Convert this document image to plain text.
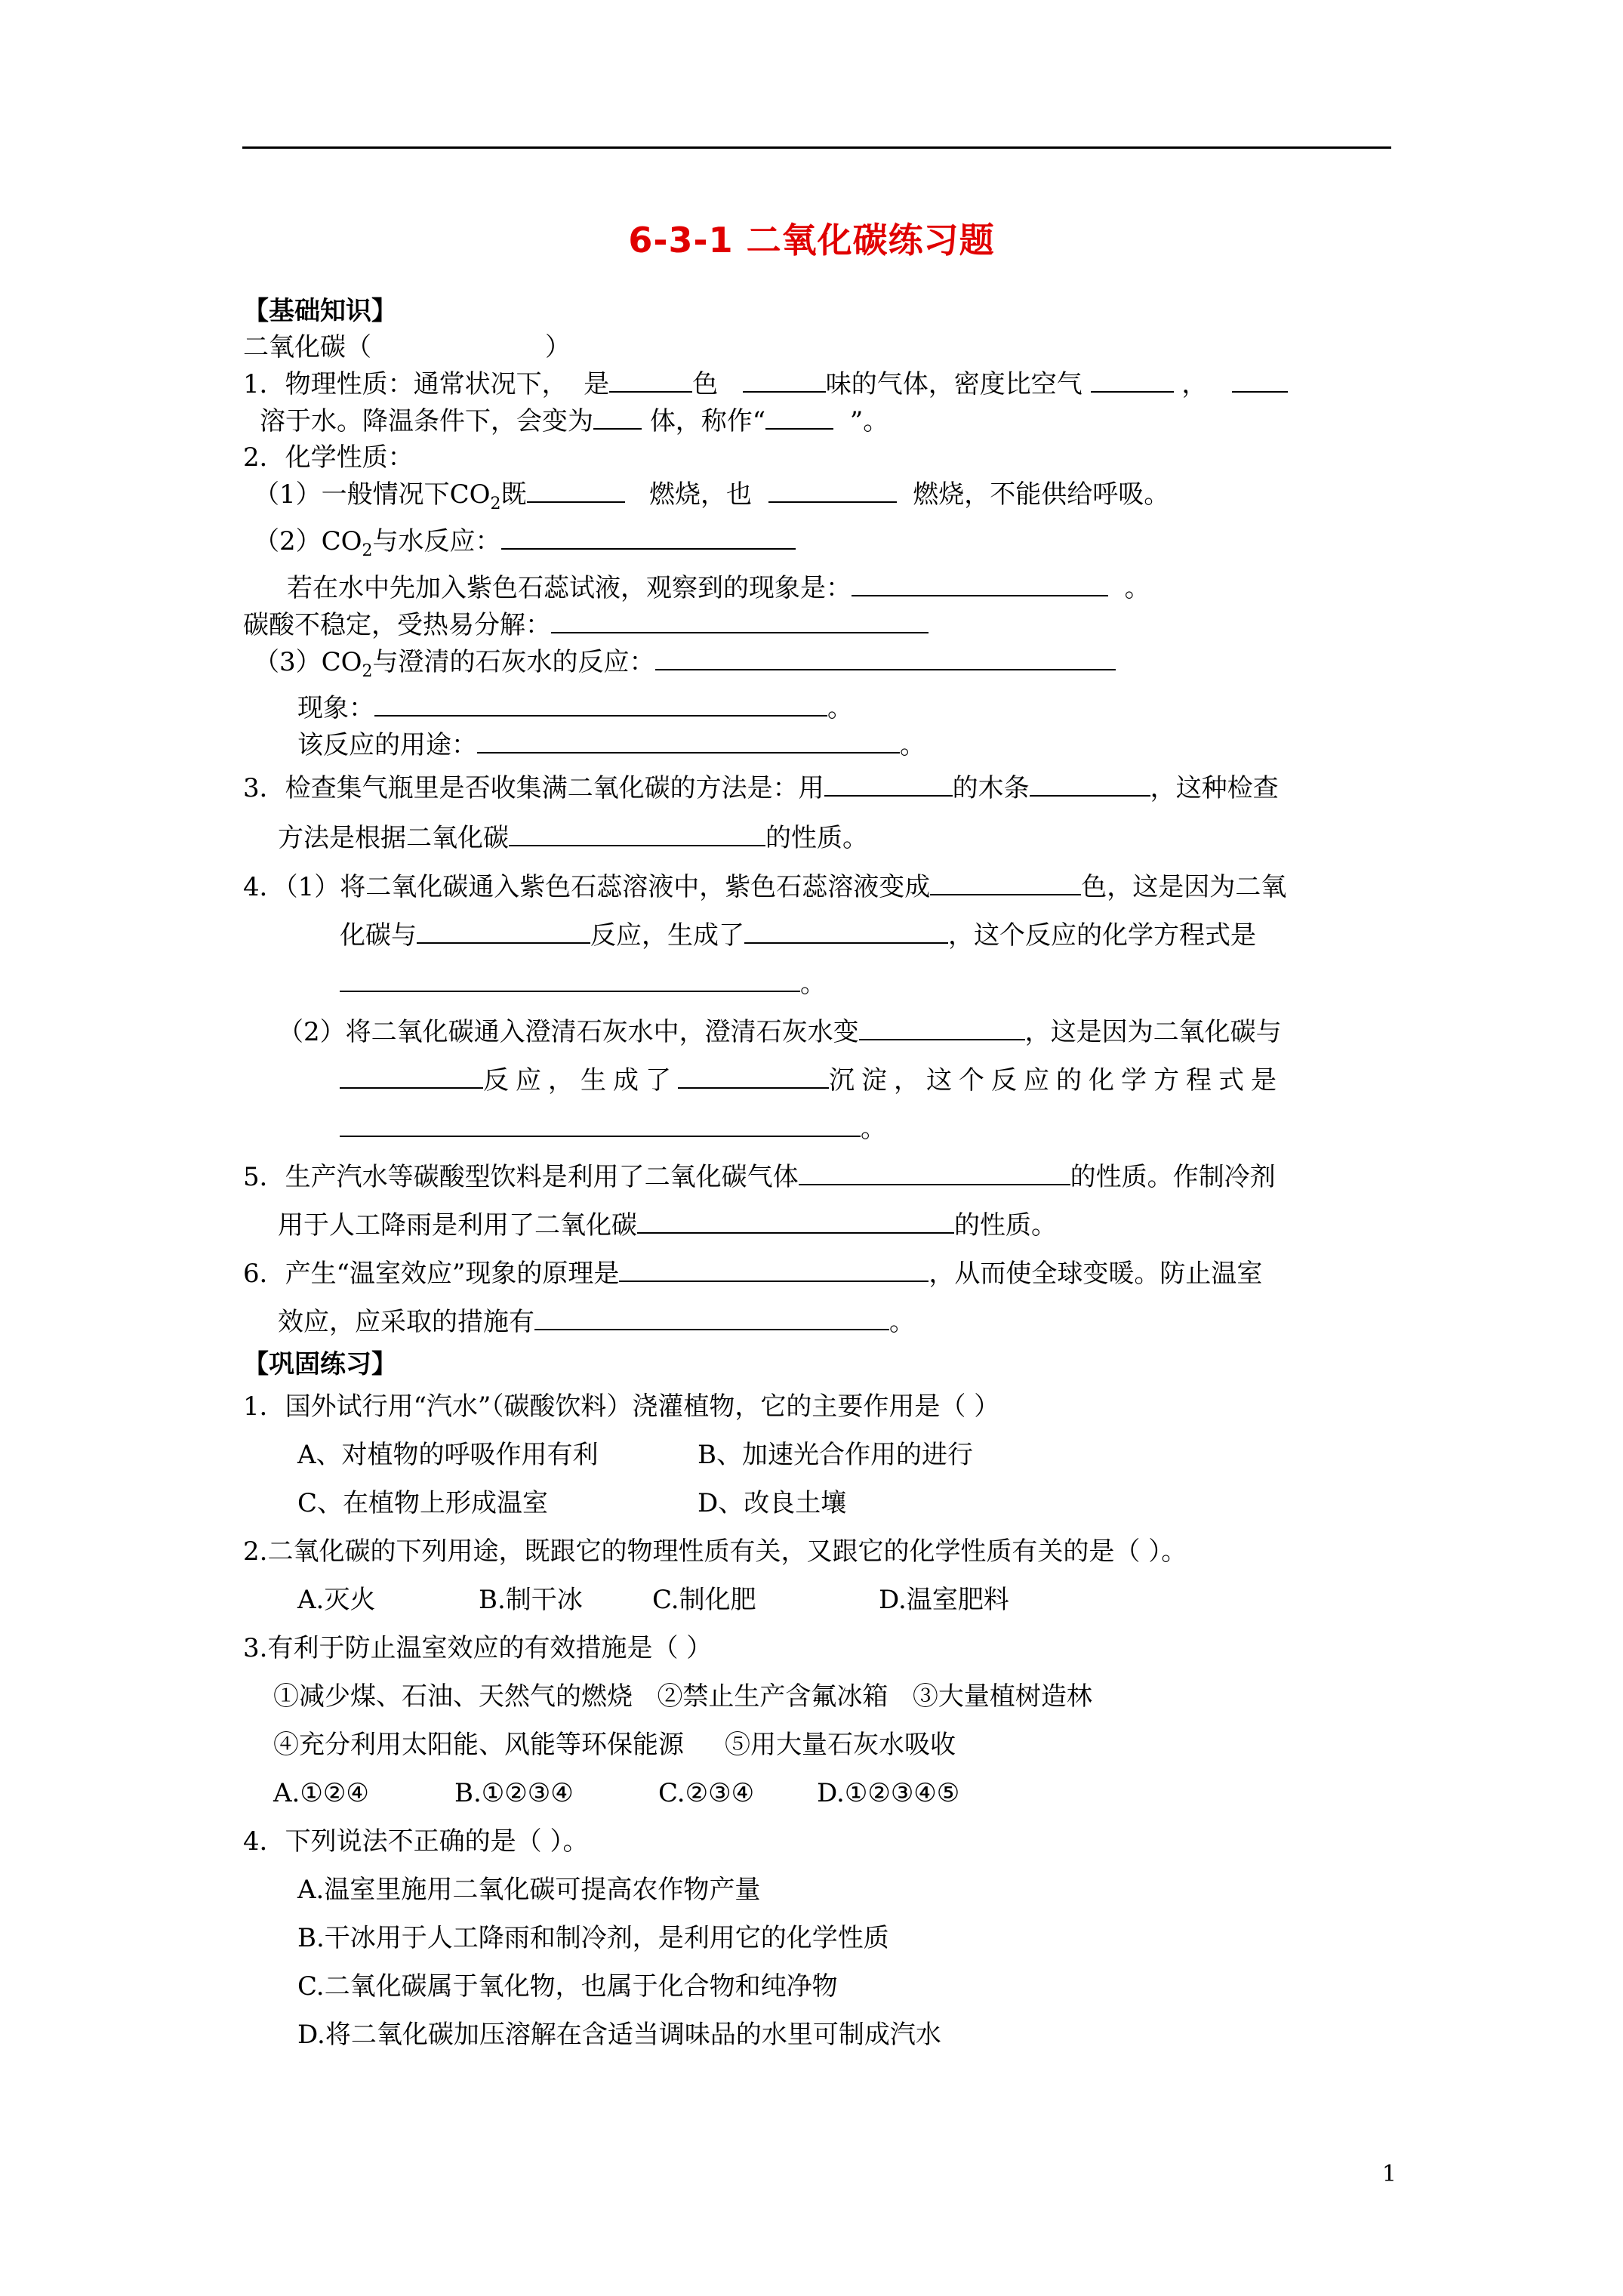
6-3-1 二氧化碳练习题
【基础知识】
二氧化碳（	）
1．物理性质：通常状况下， 是	色	味的气体，密度比空气	，
溶于水。降温条件下，会变为 体，称作“	”。
2．化学性质：
（1）一般情况下$CO_2$既	燃烧，也	燃烧，不能供给呼吸。
$(2)CO_2$与水反应：
若在水中先加入紫色石蕊试液，观察到的现象是：	。
碳酸不稳定，受热易分解：
$(3)CO_2$与澄清的石灰水的反应：
现象：	。
该反应的用途：	。
3．检查集气瓶里是否收集满二氧化碳的方法是：用	的木条	，这种检查
方法是根据二氧化碳	的性质。
4．（1）将二氧化碳通入紫色石蕊溶液中，紫色石蕊溶液变成	色，这是因为二氧
化碳与	反应，生成了	，这个反应的化学方程式是
。
（2）将二氧化碳通入澄清石灰水中，澄清石灰水变	，这是因为二氧化碳与
反应，生成了	沉淀，这个反应的化学方程式是
。
5．生产汽水等碳酸型饮料是利用了二氧化碳气体	的性质。作制冷剂
用于人工降雨是利用了二氧化碳	的性质。
6．产生“温室效应”现象的原理是	，从而使全球变暖。防止温室
效应，应采取的措施有	。
【巩固练习】
1．国外试行用“汽水”（碳酸饮料）浇灌植物，它的主要作用是（ ）
A、对植物的呼吸作用有利	B、加速光合作用的进行
C、在植物上形成温室	D、改良土壤
2.二氧化碳的下列用途，既跟它的物理性质有关，又跟它的化学性质有关的是（ ）。
A.灭火	B.制干冰	C.制化肥	D.温室肥料
3.有利于防止温室效应的有效措施是（ ）
①减少煤、石油、天然气的燃烧 ②禁止生产含氟冰箱 ③大量植树造林
④充分利用太阳能、风能等环保能源 ⑤用大量石灰水吸收
A.①②④	B.①②③④	C.②③④ D.①②③④⑤
4．下列说法不正确的是（ ）。
A.温室里施用二氧化碳可提高农作物产量
B.干冰用于人工降雨和制冷剂，是利用它的化学性质
C.二氧化碳属于氧化物，也属于化合物和纯净物
D.将二氧化碳加压溶解在含适当调味品的水里可制成汽水
1
